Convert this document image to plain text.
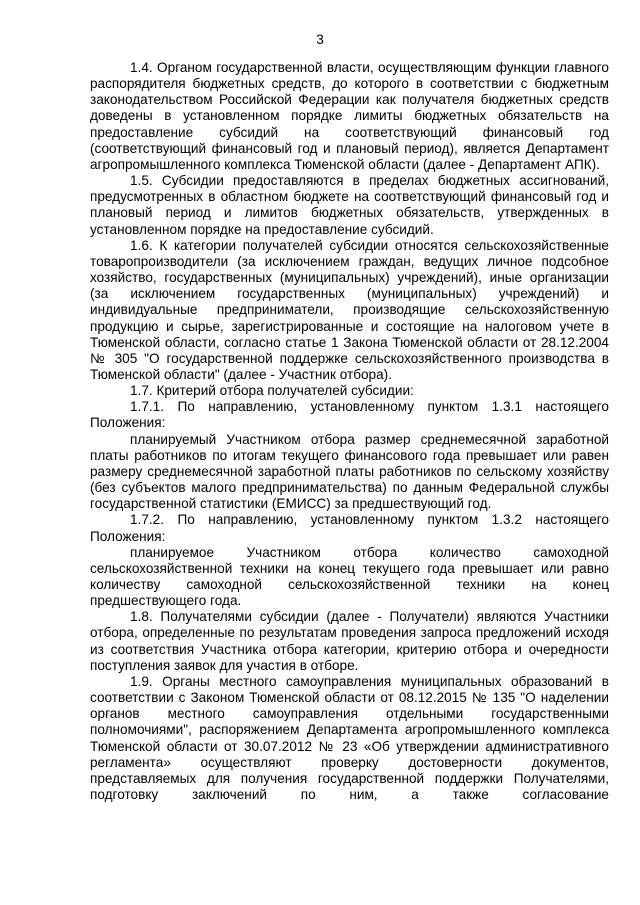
3

1.4. Органом государственной власти, осуществляющим функции главного распорядителя бюджетных средств, до которого в соответствии с бюджетным законодательством Российской Федерации как получателя бюджетных средств доведены в установленном порядке лимиты бюджетных обязательств на предоставление субсидий на соответствующий финансовый год (соответствующий финансовый год и плановый период), является Департамент агропромышленного комплекса Тюменской области (далее - Департамент АПК).

1.5. Субсидии предоставляются в пределах бюджетных ассигнований, предусмотренных в областном бюджете на соответствующий финансовый год и плановый период и лимитов бюджетных обязательств, утвержденных в установленном порядке на предоставление субсидий.

1.6. К категории получателей субсидии относятся сельскохозяйственные товаропроизводители (за исключением граждан, ведущих личное подсобное хозяйство, государственных (муниципальных) учреждений), иные организации (за исключением государственных (муниципальных) учреждений) и индивидуальные предприниматели, производящие сельскохозяйственную продукцию и сырье, зарегистрированные и состоящие на налоговом учете в Тюменской области, согласно статье 1 Закона Тюменской области от 28.12.2004 № 305 "О государственной поддержке сельскохозяйственного производства в Тюменской области" (далее - Участник отбора).

1.7. Критерий отбора получателей субсидии:

1.7.1. По направлению, установленному пунктом 1.3.1 настоящего Положения:

планируемый Участником отбора размер среднемесячной заработной платы работников по итогам текущего финансового года превышает или равен размеру среднемесячной заработной платы работников по сельскому хозяйству (без субъектов малого предпринимательства) по данным Федеральной службы государственной статистики (ЕМИСС) за предшествующий год.

1.7.2. По направлению, установленному пунктом 1.3.2 настоящего Положения:

планируемое Участником отбора количество самоходной сельскохозяйственной техники на конец текущего года превышает или равно количеству самоходной сельскохозяйственной техники на конец предшествующего года.

1.8. Получателями субсидии (далее - Получатели) являются Участники отбора, определенные по результатам проведения запроса предложений исходя из соответствия Участника отбора категории, критерию отбора и очередности поступления заявок для участия в отборе.

1.9. Органы местного самоуправления муниципальных образований в соответствии с Законом Тюменской области от 08.12.2015 № 135 "О наделении органов местного самоуправления отдельными государственными полномочиями", распоряжением Департамента агропромышленного комплекса Тюменской области от 30.07.2012 № 23 «Об утверждении административного регламента» осуществляют проверку достоверности документов, представляемых для получения государственной поддержки Получателями, подготовку заключений по ним, а также согласование
